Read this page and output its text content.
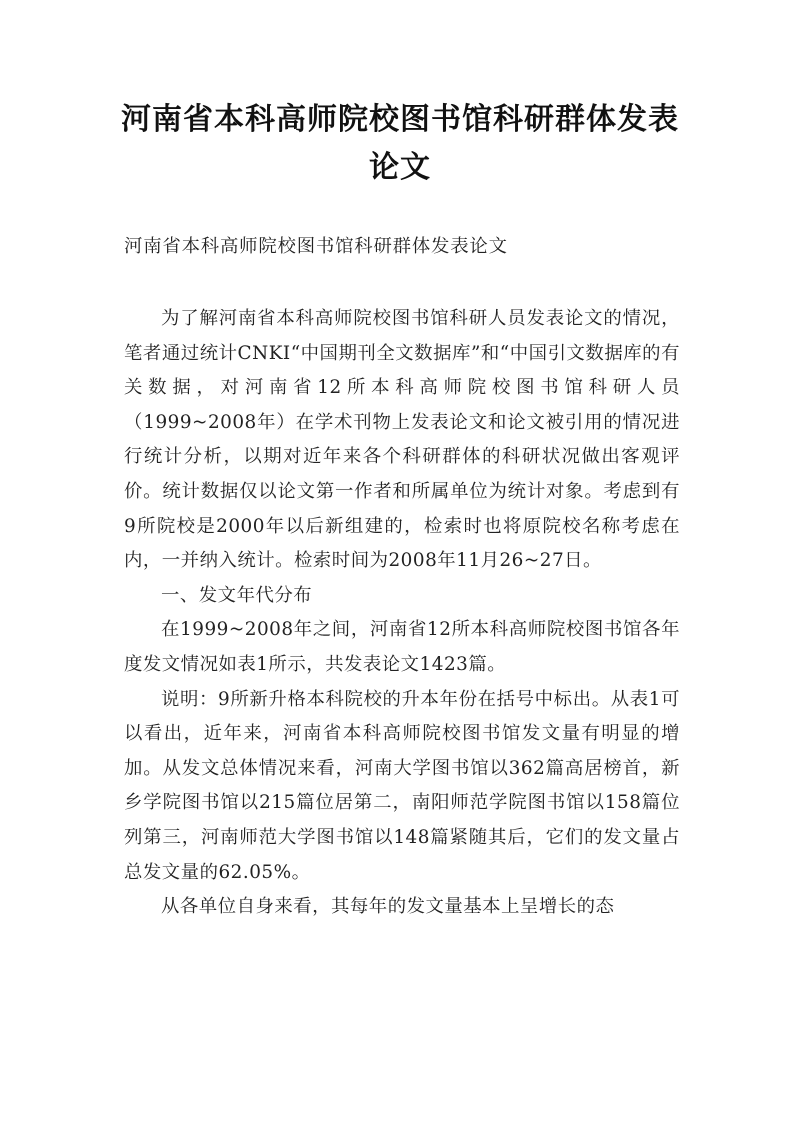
河南省本科高师院校图书馆科研群体发表论文

河南省本科高师院校图书馆科研群体发表论文

为了解河南省本科高师院校图书馆科研人员发表论文的情况，笔者通过统计CNKI“中国期刊全文数据库”和“中国引文数据库的有关数据，对河南省12所本科高师院校图书馆科研人员（1999~2008年）在学术刊物上发表论文和论文被引用的情况进行统计分析，以期对近年来各个科研群体的科研状况做出客观评价。统计数据仅以论文第一作者和所属单位为统计对象。考虑到有9所院校是2000年以后新组建的，检索时也将原院校名称考虑在内，一并纳入统计。检索时间为2008年11月26~27日。

一、发文年代分布

在1999~2008年之间，河南省12所本科高师院校图书馆各年度发文情况如表1所示，共发表论文1423篇。

说明：9所新升格本科院校的升本年份在括号中标出。从表1可以看出，近年来，河南省本科高师院校图书馆发文量有明显的增加。从发文总体情况来看，河南大学图书馆以362篇高居榜首，新乡学院图书馆以215篇位居第二，南阳师范学院图书馆以158篇位列第三，河南师范大学图书馆以148篇紧随其后，它们的发文量占总发文量的62.05%。

从各单位自身来看，其每年的发文量基本上呈增长的态
